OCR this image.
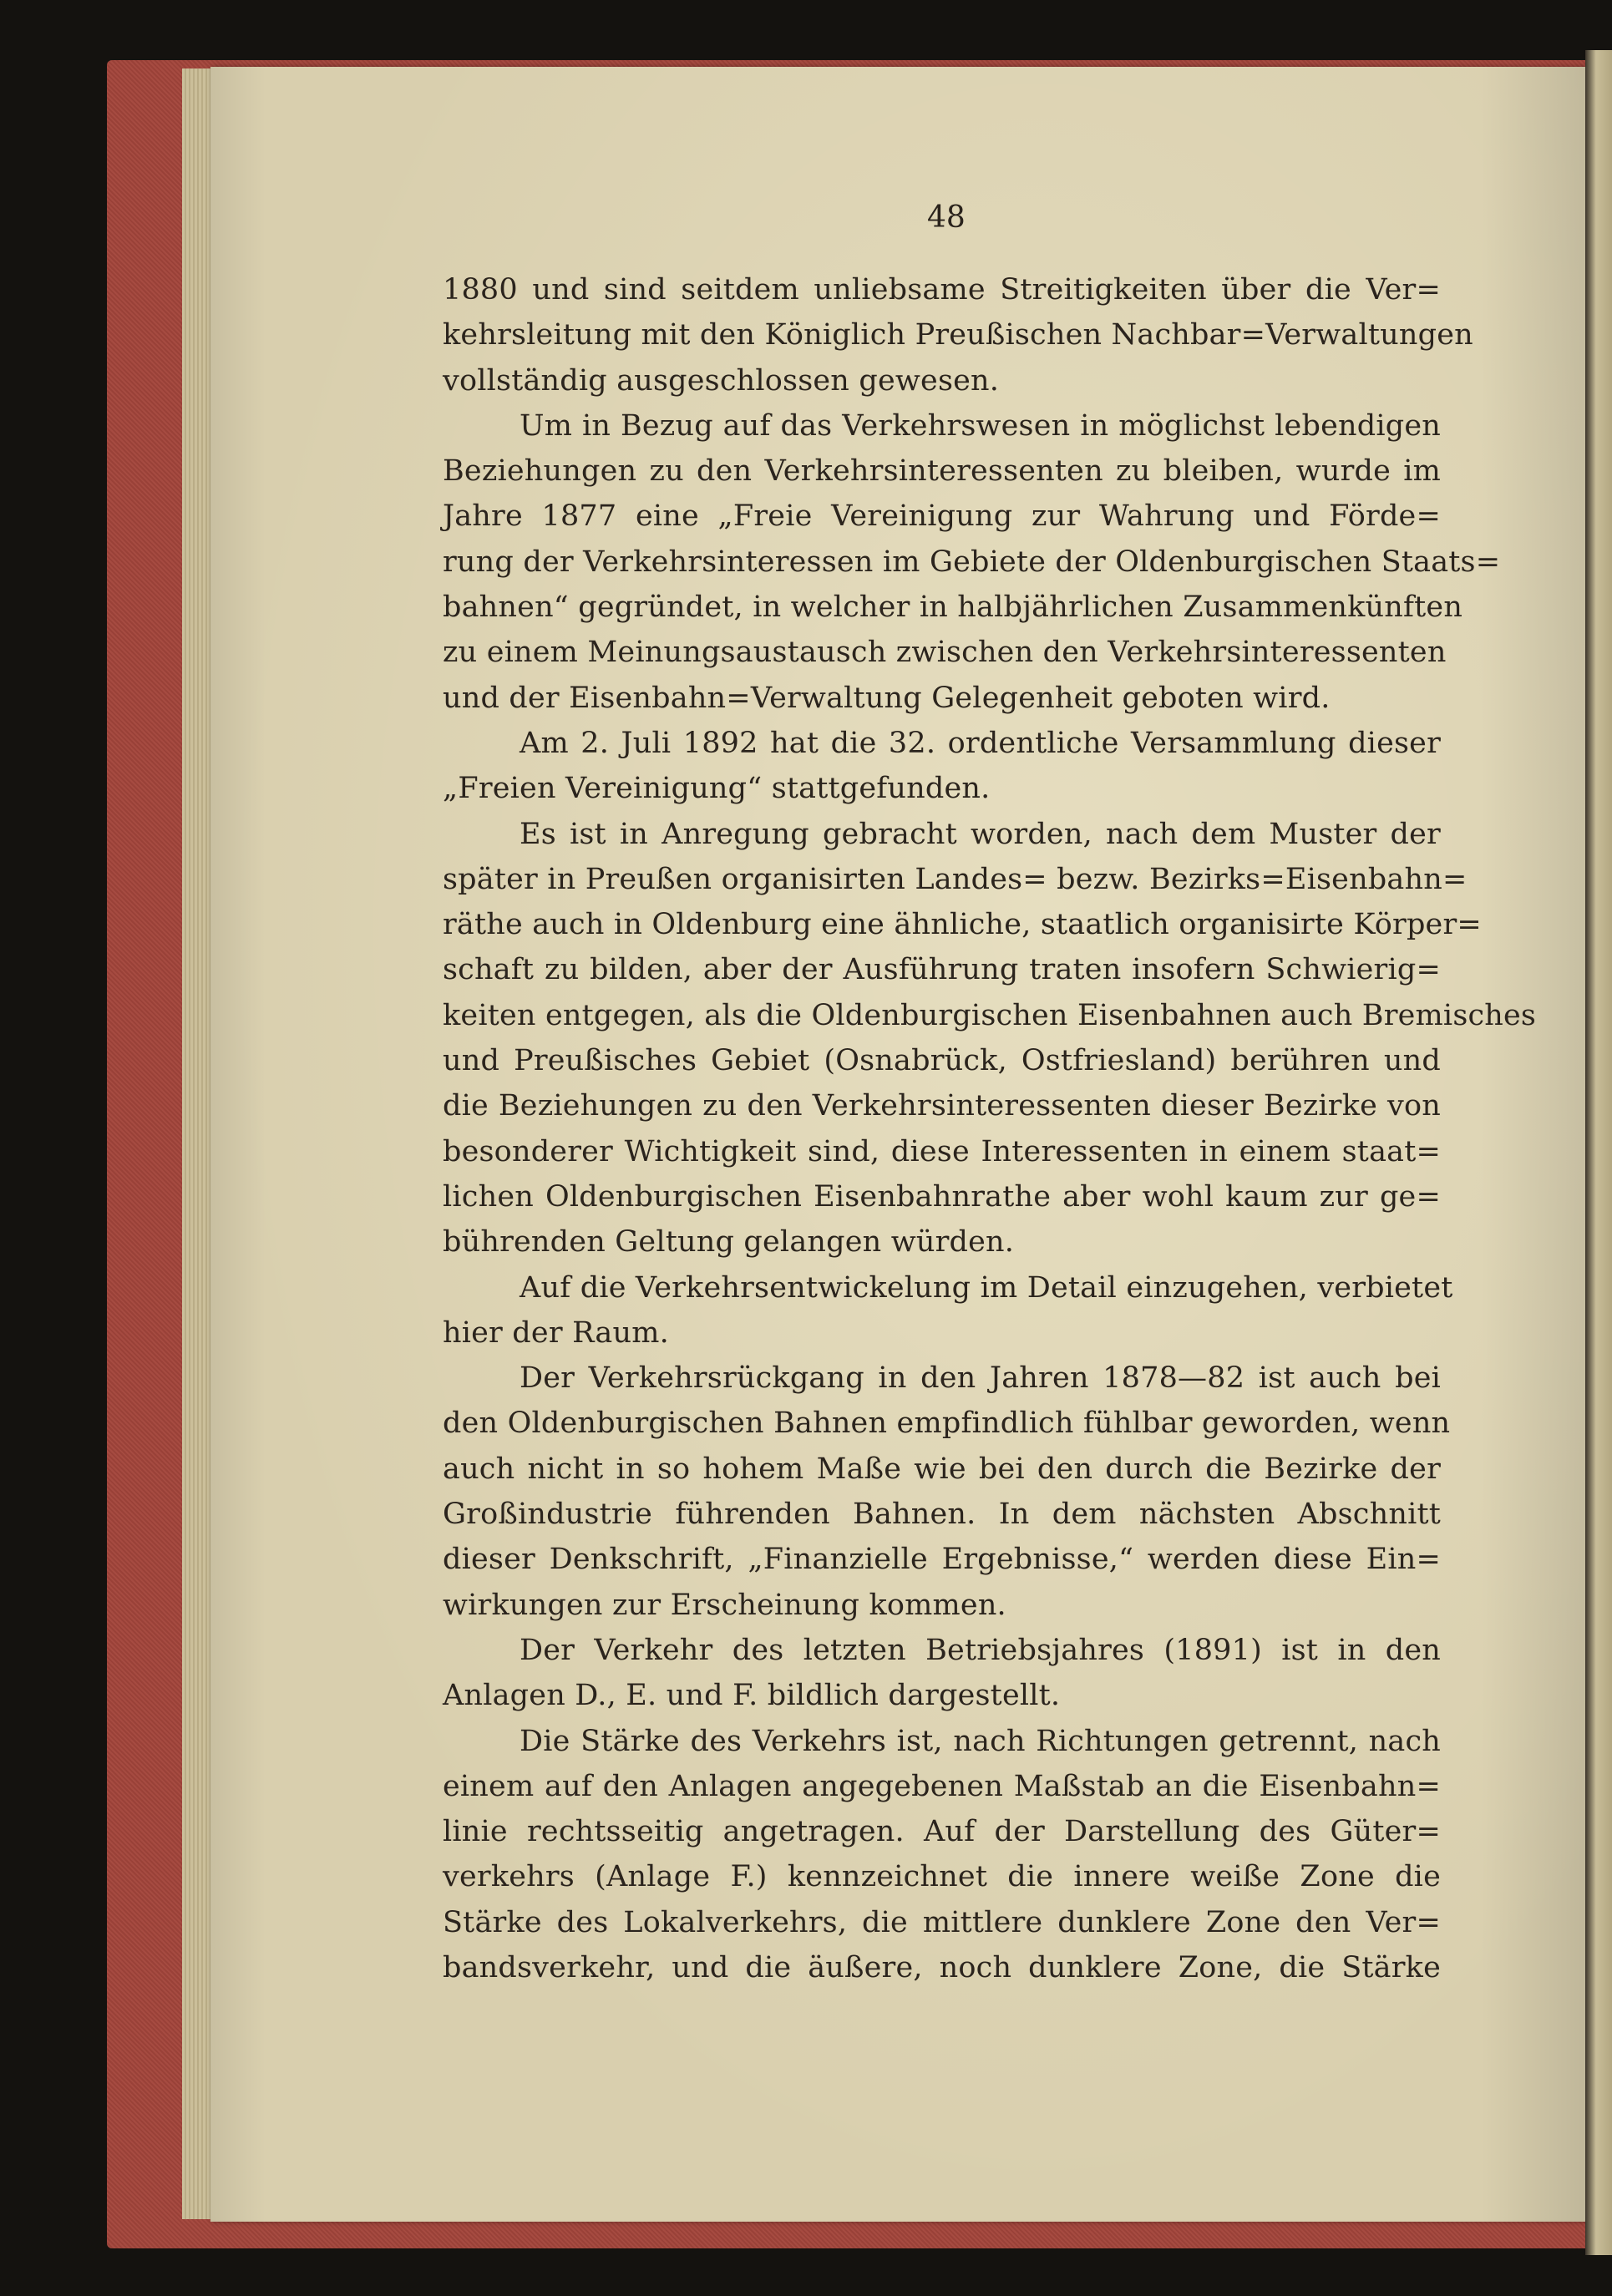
48
1880 und sind seitdem unliebsame Streitigkeiten über die Ver=
kehrsleitung mit den Königlich Preußischen Nachbar=Verwaltungen
vollständig ausgeschlossen gewesen.
Um in Bezug auf das Verkehrswesen in möglichst lebendigen
Beziehungen zu den Verkehrsinteressenten zu bleiben, wurde im
Jahre 1877 eine „Freie Vereinigung zur Wahrung und Förde=
rung der Verkehrsinteressen im Gebiete der Oldenburgischen Staats=
bahnen“ gegründet, in welcher in halbjährlichen Zusammenkünften
zu einem Meinungsaustausch zwischen den Verkehrsinteressenten
und der Eisenbahn=Verwaltung Gelegenheit geboten wird.
Am 2. Juli 1892 hat die 32. ordentliche Versammlung dieser
„Freien Vereinigung“ stattgefunden.
Es ist in Anregung gebracht worden, nach dem Muster der
später in Preußen organisirten Landes= bezw. Bezirks=Eisenbahn=
räthe auch in Oldenburg eine ähnliche, staatlich organisirte Körper=
schaft zu bilden, aber der Ausführung traten insofern Schwierig=
keiten entgegen, als die Oldenburgischen Eisenbahnen auch Bremisches
und Preußisches Gebiet (Osnabrück, Ostfriesland) berühren und
die Beziehungen zu den Verkehrsinteressenten dieser Bezirke von
besonderer Wichtigkeit sind, diese Interessenten in einem staat=
lichen Oldenburgischen Eisenbahnrathe aber wohl kaum zur ge=
bührenden Geltung gelangen würden.
Auf die Verkehrsentwickelung im Detail einzugehen, verbietet
hier der Raum.
Der Verkehrsrückgang in den Jahren 1878—82 ist auch bei
den Oldenburgischen Bahnen empfindlich fühlbar geworden, wenn
auch nicht in so hohem Maße wie bei den durch die Bezirke der
Großindustrie führenden Bahnen. In dem nächsten Abschnitt
dieser Denkschrift, „Finanzielle Ergebnisse,“ werden diese Ein=
wirkungen zur Erscheinung kommen.
Der Verkehr des letzten Betriebsjahres (1891) ist in den
Anlagen D., E. und F. bildlich dargestellt.
Die Stärke des Verkehrs ist, nach Richtungen getrennt, nach
einem auf den Anlagen angegebenen Maßstab an die Eisenbahn=
linie rechtsseitig angetragen. Auf der Darstellung des Güter=
verkehrs (Anlage F.) kennzeichnet die innere weiße Zone die
Stärke des Lokalverkehrs, die mittlere dunklere Zone den Ver=
bandsverkehr, und die äußere, noch dunklere Zone, die Stärke
